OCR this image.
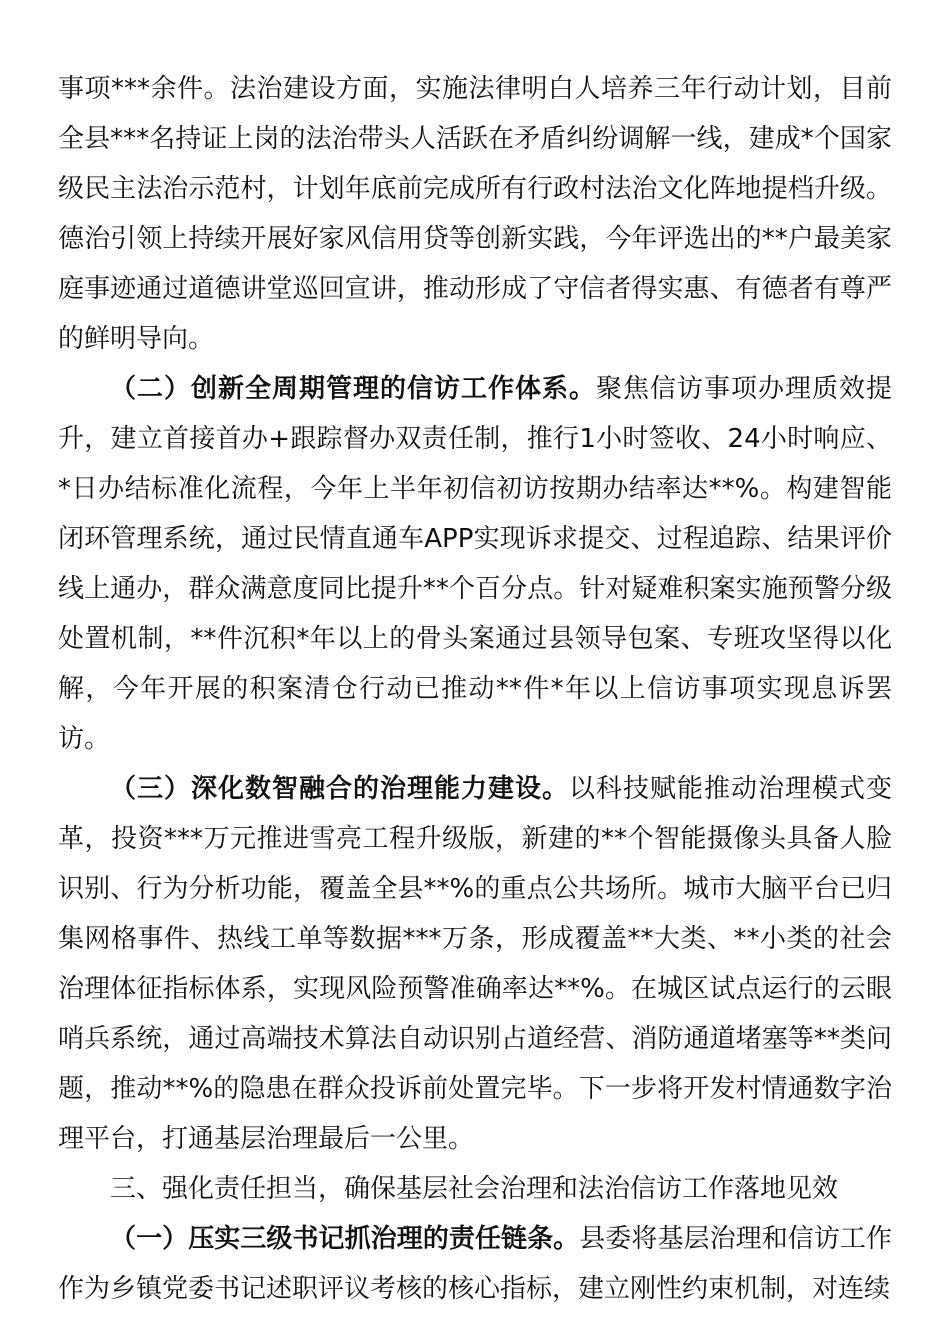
事项***余件。法治建设方面，实施法律明白人培养三年行动计划，目前全县***名持证上岗的法治带头人活跃在矛盾纠纷调解一线，建成*个国家级民主法治示范村，计划年底前完成所有行政村法治文化阵地提档升级。德治引领上持续开展好家风信用贷等创新实践，今年评选出的**户最美家庭事迹通过道德讲堂巡回宣讲，推动形成了守信者得实惠、有德者有尊严的鲜明导向。

（二）创新全周期管理的信访工作体系。聚焦信访事项办理质效提升，建立首接首办+跟踪督办双责任制，推行1小时签收、24小时响应、*日办结标准化流程，今年上半年初信初访按期办结率达**%。构建智能闭环管理系统，通过民情直通车APP实现诉求提交、过程追踪、结果评价线上通办，群众满意度同比提升**个百分点。针对疑难积案实施预警分级处置机制，**件沉积*年以上的骨头案通过县领导包案、专班攻坚得以化解，今年开展的积案清仓行动已推动**件*年以上信访事项实现息诉罢访。

（三）深化数智融合的治理能力建设。以科技赋能推动治理模式变革，投资***万元推进雪亮工程升级版，新建的**个智能摄像头具备人脸识别、行为分析功能，覆盖全县**%的重点公共场所。城市大脑平台已归集网格事件、热线工单等数据***万条，形成覆盖**大类、**小类的社会治理体征指标体系，实现风险预警准确率达**%。在城区试点运行的云眼哨兵系统，通过高端技术算法自动识别占道经营、消防通道堵塞等**类问题，推动**%的隐患在群众投诉前处置完毕。下一步将开发村情通数字治理平台，打通基层治理最后一公里。

三、强化责任担当，确保基层社会治理和法治信访工作落地见效

（一）压实三级书记抓治理的责任链条。县委将基层治理和信访工作作为乡镇党委书记述职评议考核的核心指标，建立刚性约束机制，对连续
